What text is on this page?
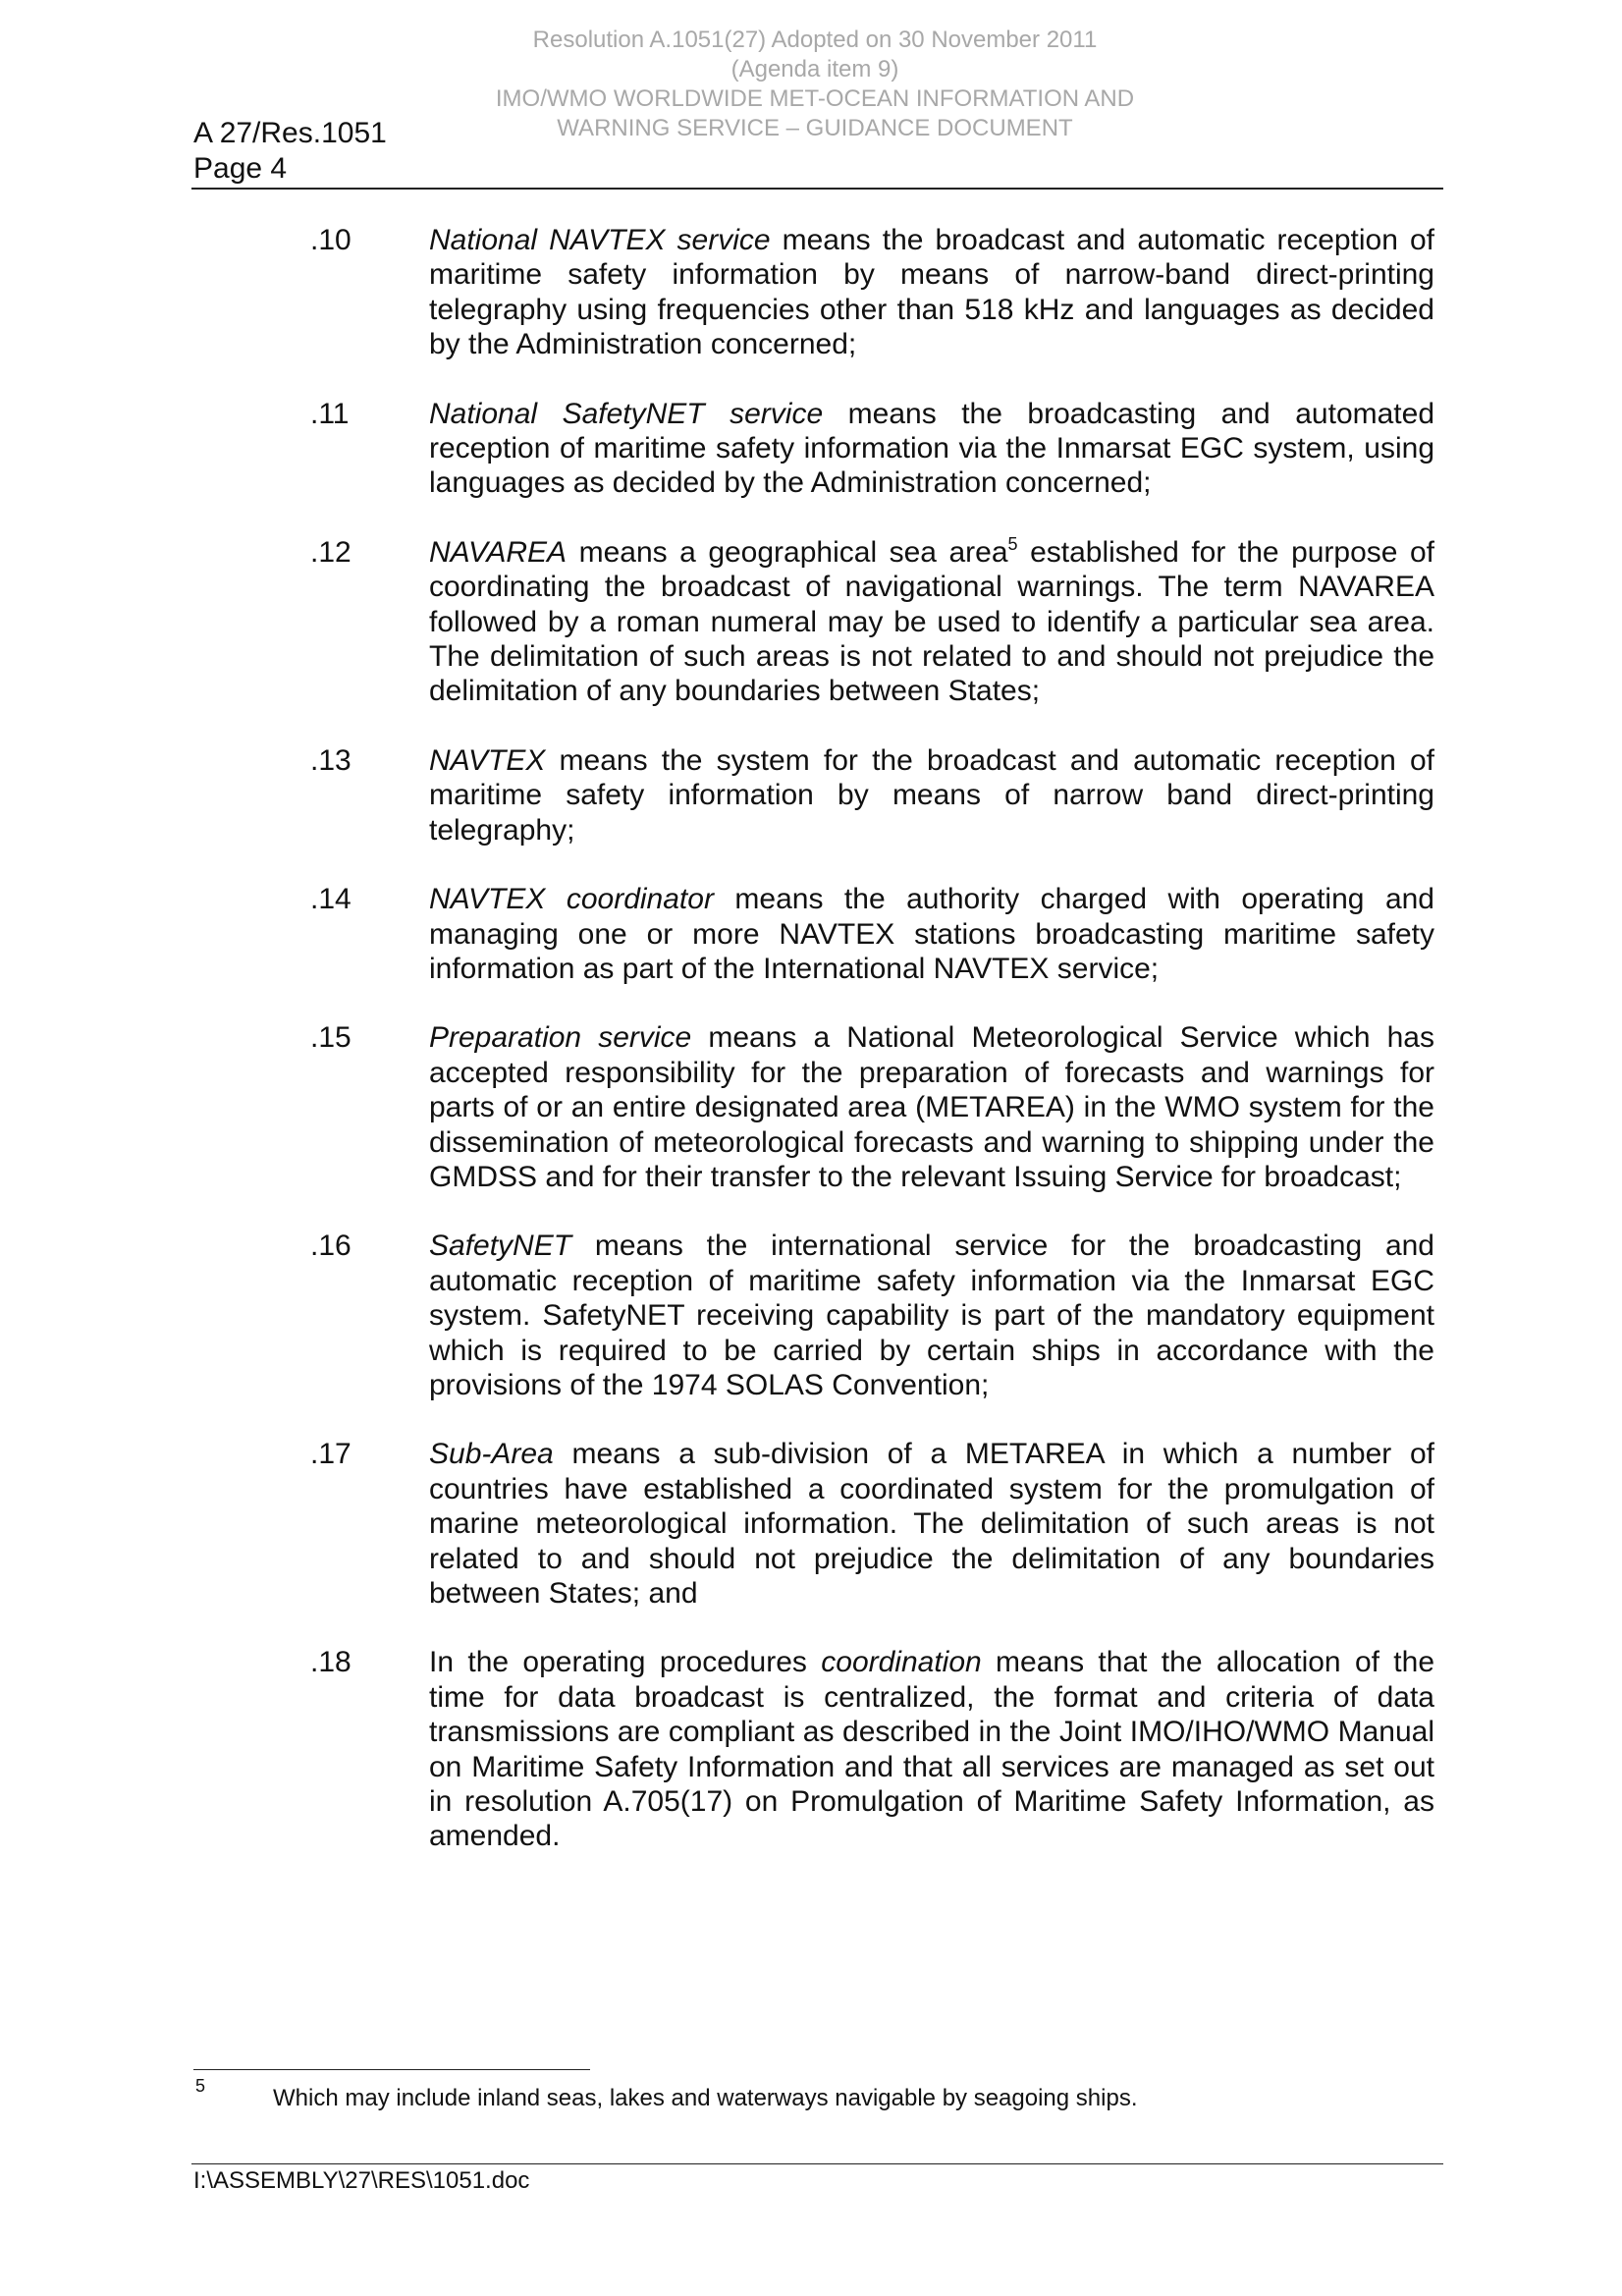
Resolution A.1051(27) Adopted on 30 November 2011
(Agenda item 9)
IMO/WMO WORLDWIDE MET-OCEAN INFORMATION AND
WARNING SERVICE – GUIDANCE DOCUMENT
A 27/Res.1051
Page 4
.10	National NAVTEX service means the broadcast and automatic reception of maritime safety information by means of narrow-band direct-printing telegraphy using frequencies other than 518 kHz and languages as decided by the Administration concerned;
.11	National SafetyNET service means the broadcasting and automated reception of maritime safety information via the Inmarsat EGC system, using languages as decided by the Administration concerned;
.12	NAVAREA means a geographical sea area$^5$ established for the purpose of coordinating the broadcast of navigational warnings. The term NAVAREA followed by a roman numeral may be used to identify a particular sea area. The delimitation of such areas is not related to and should not prejudice the delimitation of any boundaries between States;
.13	NAVTEX means the system for the broadcast and automatic reception of maritime safety information by means of narrow band direct-printing telegraphy;
.14	NAVTEX coordinator means the authority charged with operating and managing one or more NAVTEX stations broadcasting maritime safety information as part of the International NAVTEX service;
.15	Preparation service means a National Meteorological Service which has accepted responsibility for the preparation of forecasts and warnings for parts of or an entire designated area (METAREA) in the WMO system for the dissemination of meteorological forecasts and warning to shipping under the GMDSS and for their transfer to the relevant Issuing Service for broadcast;
.16	SafetyNET means the international service for the broadcasting and automatic reception of maritime safety information via the Inmarsat EGC system. SafetyNET receiving capability is part of the mandatory equipment which is required to be carried by certain ships in accordance with the provisions of the 1974 SOLAS Convention;
.17	Sub-Area means a sub-division of a METAREA in which a number of countries have established a coordinated system for the promulgation of marine meteorological information. The delimitation of such areas is not related to and should not prejudice the delimitation of any boundaries between States; and
.18	In the operating procedures coordination means that the allocation of the time for data broadcast is centralized, the format and criteria of data transmissions are compliant as described in the Joint IMO/IHO/WMO Manual on Maritime Safety Information and that all services are managed as set out in resolution A.705(17) on Promulgation of Maritime Safety Information, as amended.
5	Which may include inland seas, lakes and waterways navigable by seagoing ships.
I:\ASSEMBLY\27\RES\1051.doc
